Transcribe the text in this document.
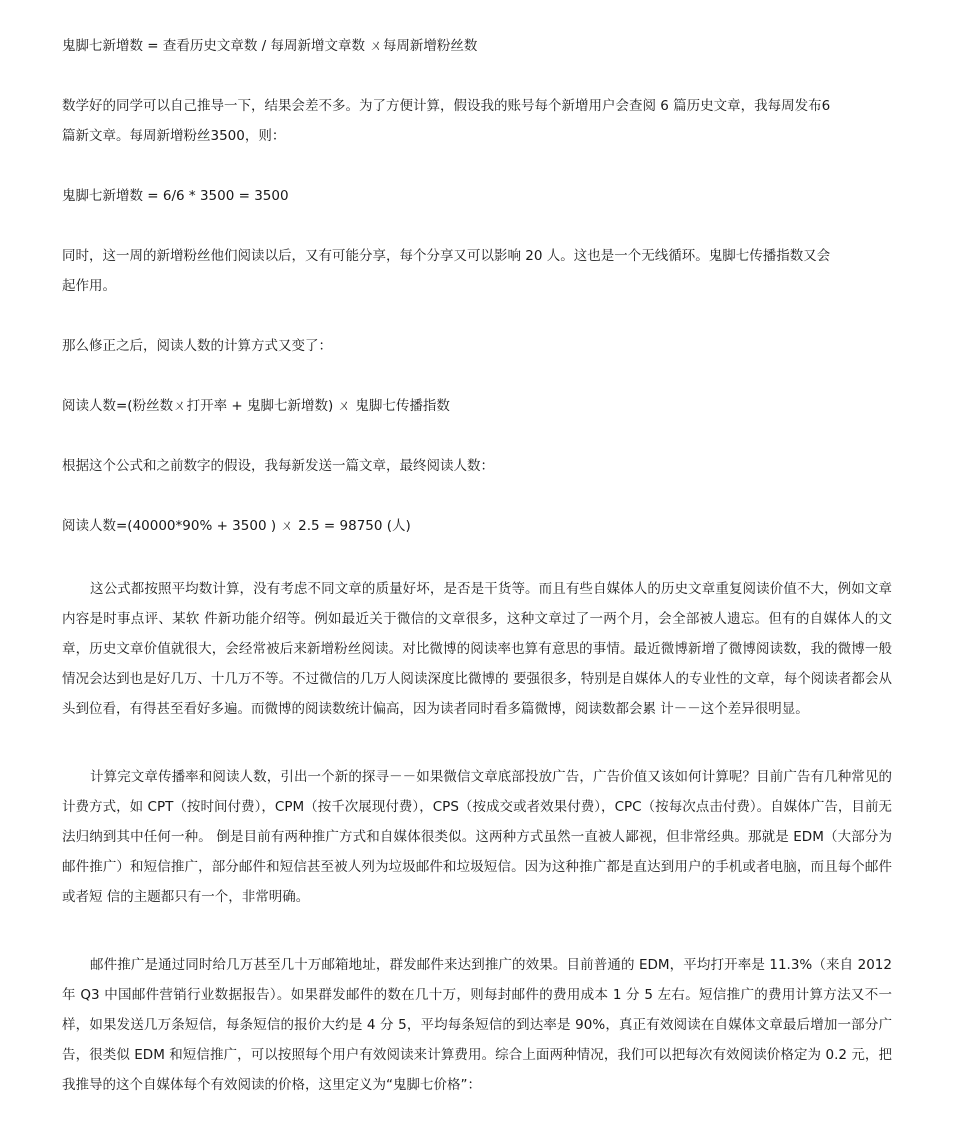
鬼脚七新增数 = 查看历史文章数 / 每周新增文章数 ㄨ每周新增粉丝数

数学好的同学可以自己推导一下，结果会差不多。为了方便计算，假设我的账号每个新增用户会查阅 6 篇历史文章，我每周发布6

篇新文章。每周新增粉丝3500，则：

鬼脚七新增数 = 6/6 * 3500 = 3500

同时，这一周的新增粉丝他们阅读以后，又有可能分享，每个分享又可以影响 20 人。这也是一个无线循环。鬼脚七传播指数又会

起作用。

那么修正之后，阅读人数的计算方式又变了：

阅读人数=(粉丝数ㄨ打开率 + 鬼脚七新增数) ㄨ 鬼脚七传播指数

根据这个公式和之前数字的假设，我每新发送一篇文章，最终阅读人数：

阅读人数=(40000*90% + 3500 ) ㄨ 2.5 = 98750 (人)

这公式都按照平均数计算，没有考虑不同文章的质量好坏，是否是干货等。而且有些自媒体人的历史文章重复阅读价值不大，例如文章内容是时事点评、某软 件新功能介绍等。例如最近关于微信的文章很多，这种文章过了一两个月，会全部被人遗忘。但有的自媒体人的文章，历史文章价值就很大，会经常被后来新增粉丝阅读。对比微博的阅读率也算有意思的事情。最近微博新增了微博阅读数，我的微博一般情况会达到也是好几万、十几万不等。不过微信的几万人阅读深度比微博的 要强很多，特别是自媒体人的专业性的文章，每个阅读者都会从头到位看，有得甚至看好多遍。而微博的阅读数统计偏高，因为读者同时看多篇微博，阅读数都会累 计－－这个差异很明显。

计算完文章传播率和阅读人数，引出一个新的探寻－－如果微信文章底部投放广告，广告价值又该如何计算呢？目前广告有几种常见的计费方式，如 CPT（按时间付费），CPM（按千次展现付费），CPS（按成交或者效果付费），CPC（按每次点击付费）。自媒体广告，目前无法归纳到其中任何一种。 倒是目前有两种推广方式和自媒体很类似。这两种方式虽然一直被人鄙视，但非常经典。那就是 EDM（大部分为邮件推广）和短信推广，部分邮件和短信甚至被人列为垃圾邮件和垃圾短信。因为这种推广都是直达到用户的手机或者电脑，而且每个邮件或者短 信的主题都只有一个，非常明确。

邮件推广是通过同时给几万甚至几十万邮箱地址，群发邮件来达到推广的效果。目前普通的 EDM，平均打开率是 11.3%（来自 2012 年 Q3 中国邮件营销行业数据报告）。如果群发邮件的数在几十万，则每封邮件的费用成本 1 分 5 左右。短信推广的费用计算方法又不一样，如果发送几万条短信，每条短信的报价大约是 4 分 5，平均每条短信的到达率是 90%，真正有效阅读在自媒体文章最后增加一部分广告，很类似 EDM 和短信推广，可以按照每个用户有效阅读来计算费用。综合上面两种情况，我们可以把每次有效阅读价格定为 0.2 元，把我推导的这个自媒体每个有效阅读的价格，这里定义为“鬼脚七价格”：
